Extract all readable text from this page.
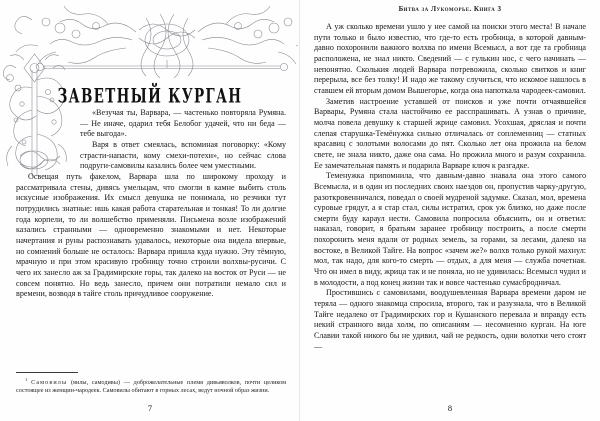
ЗАВЕТНЫЙ КУРГАН

«Везучая ты, Варвара, — частенько повторяла Румяна. — Не иначе, одарил тебя Белобог удачей, что ни беда — тебе выгода».

Варя в ответ смеялась, вспоминая поговорку: «Кому страсти-напасти, кому смехи-потехи», но сейчас слова подруги-самовилы казались более чем уместными.

Освещая путь факелом, Варвара шла по широкому проходу и рассматривала стены, дивясь умельцам, что смогли в камне выбить столь искусные изображения. Их смысл девушка не понимала, но резчики тут потрудились знатные: ишь какая работа старательная и тонкая! То ли долгие года корпели, то ли волшебство применяли. Письмена возле изображений казались странными — одновременно знакомыми и нет. Некоторые начертания и руны распознавать удавалось, некоторые она видела впервые, но сомнений больше не осталось: Варвара пришла куда нужно. Эту тёмную, мрачную и при этом красивую гробницу точно строили волхвы-русичи. С чего их занесло аж за Градимирские горы, так далеко на восток от Руси — не совсем понятно. Но ведь занесло, причем они потратили немало сил и времени, возводя в тайге столь причудливое сооружение.

$^1$ Самовилы (вилы, самодивы) — доброжелательные племя дивьяволков, почти целиком состоящее из женщин-чародеек. Самовилы обитают в горных лесах, ведут ночной образ жизни.

7
Битва за Лукоморье. Книга 3

А уж сколько времени ушло у нее самой на поиски этого места! В начале пути только и было известно, что где-то есть гробница, в которой давным-давно похоронили важного волхва по имени Всемысл, а вот где та гробница расположена, не знал никто. Сведений — с гулькин нос, с чего начинать — непонятно. Сколькия людей Варвара потревожила, сколько свитков и книг перерыла, все без толку! И надо же такому случиться, что искомое нашлось в ставшем ей вторым домом Вышегорье, когда она напоткала чародеек-самовил.

Заметив настроение уставшей от поисков и уже почти отчаявшейся Варвары, Румяна стала настойчиво ее расспрашивать. А узнав о причине, молча повела девушку к старшей жрице самовил. Усохшая, дряслая и почти слепая старушка-Темёнужка сильно отличалась от соплеменниц — статных красавиц с золотыми волосами до пят. Сколько лет она прожила на белом свете, не знала никто, даже она сама. Но прожила много и разум сохранила. Ее замечательная память и подарила Варваре ключ к разгадке.

Теменужка припомнила, что давным-давно знавала она этого самого Всемысла, и в один из последних своих наездов он, пропустив чарку-другую, разоткровенничался, поведал о своей мудреной задумке. Сказал, мол, времена суровые грядут, а я стар стал, силы истратил, срок уж близко, но даже после смерти буду караул нести. Самовила попросила объяснить, он и ответил: наказал, говорит, я братьям заранее гробницу построить, а после смерти похоронить меня вдали от родных земель, за горами, за лесами, далеко на востоке, в Великой Тайге. На вопрос «зачем же?» волхв только рукой махнул: мол, так надо, для кого-то смерть — отдых, а для меня — служба почетная. Что он имел в виду, жрица так и не поняла, но не удивилась: Всемысл чудил и в молодости, а под конец жизни так и вовсе частенько сумасбродничал.

Простившись с самовилами, воодушевленная Варвара времени даром не теряла — одного знакомца спросила, второго, так и разузнала, что в Великой Тайге недалеко от Градимирских гор и Кушанского перевала и вправду есть некий странного вида холм, по описаниям — несомненно курган. На юге Славии такой никого бы не удивил, чай не редкость, одни волотки чего стоят —

8
